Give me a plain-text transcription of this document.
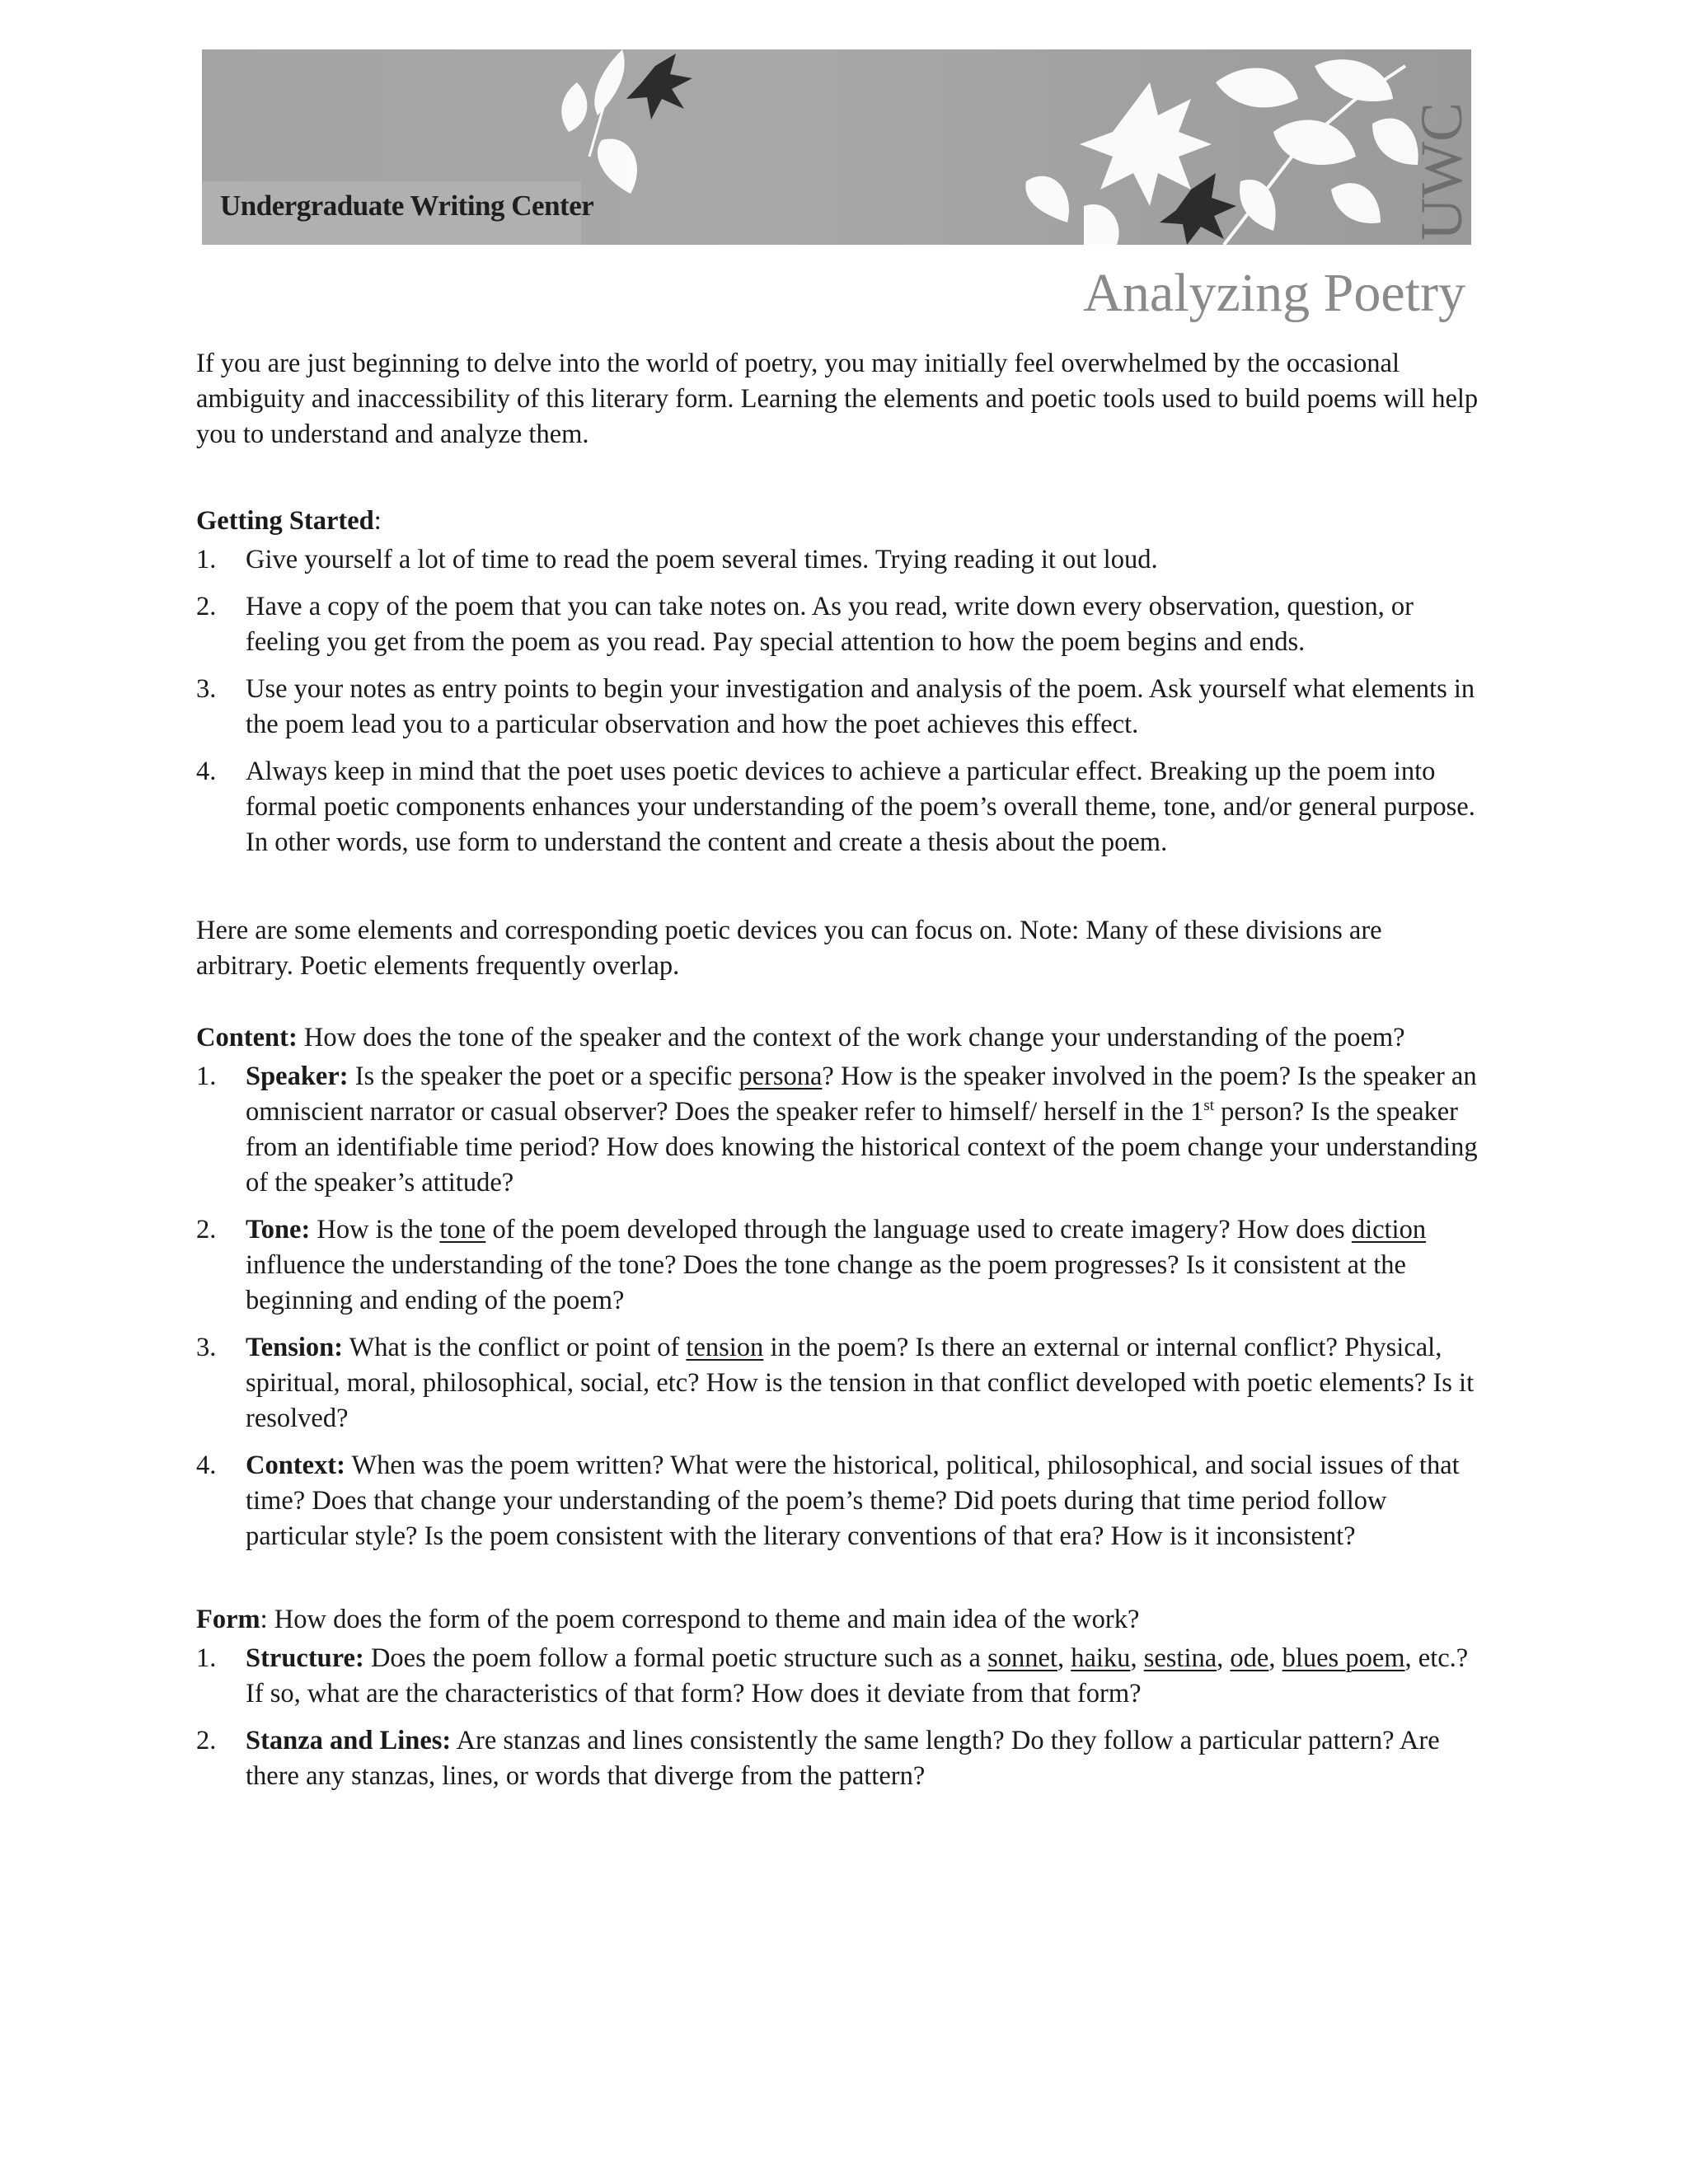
Undergraduate Writing Center	UWC
Analyzing Poetry

If you are just beginning to delve into the world of poetry, you may initially feel overwhelmed by the occasional ambiguity and inaccessibility of this literary form. Learning the elements and poetic tools used to build poems will help you to understand and analyze them.

Getting Started:

1. Give yourself a lot of time to read the poem several times. Trying reading it out loud.
2. Have a copy of the poem that you can take notes on. As you read, write down every observation, question, or feeling you get from the poem as you read. Pay special attention to how the poem begins and ends.
3. Use your notes as entry points to begin your investigation and analysis of the poem. Ask yourself what elements in the poem lead you to a particular observation and how the poet achieves this effect.
4. Always keep in mind that the poet uses poetic devices to achieve a particular effect. Breaking up the poem into formal poetic components enhances your understanding of the poem’s overall theme, tone, and/or general purpose. In other words, use form to understand the content and create a thesis about the poem.

Here are some elements and corresponding poetic devices you can focus on. Note: Many of these divisions are arbitrary. Poetic elements frequently overlap.

Content: How does the tone of the speaker and the context of the work change your understanding of the poem?

1. Speaker: Is the speaker the poet or a specific persona? How is the speaker involved in the poem? Is the speaker an omniscient narrator or casual observer? Does the speaker refer to himself/ herself in the 1st person? Is the speaker from an identifiable time period? How does knowing the historical context of the poem change your understanding of the speaker’s attitude?
2. Tone: How is the tone of the poem developed through the language used to create imagery? How does diction influence the understanding of the tone? Does the tone change as the poem progresses? Is it consistent at the beginning and ending of the poem?
3. Tension: What is the conflict or point of tension in the poem? Is there an external or internal conflict? Physical, spiritual, moral, philosophical, social, etc? How is the tension in that conflict developed with poetic elements? Is it resolved?
4. Context: When was the poem written? What were the historical, political, philosophical, and social issues of that time? Does that change your understanding of the poem’s theme? Did poets during that time period follow particular style? Is the poem consistent with the literary conventions of that era? How is it inconsistent?

Form: How does the form of the poem correspond to theme and main idea of the work?

1. Structure: Does the poem follow a formal poetic structure such as a sonnet, haiku, sestina, ode, blues poem, etc.? If so, what are the characteristics of that form? How does it deviate from that form?
2. Stanza and Lines: Are stanzas and lines consistently the same length? Do they follow a particular pattern? Are there any stanzas, lines, or words that diverge from the pattern?
